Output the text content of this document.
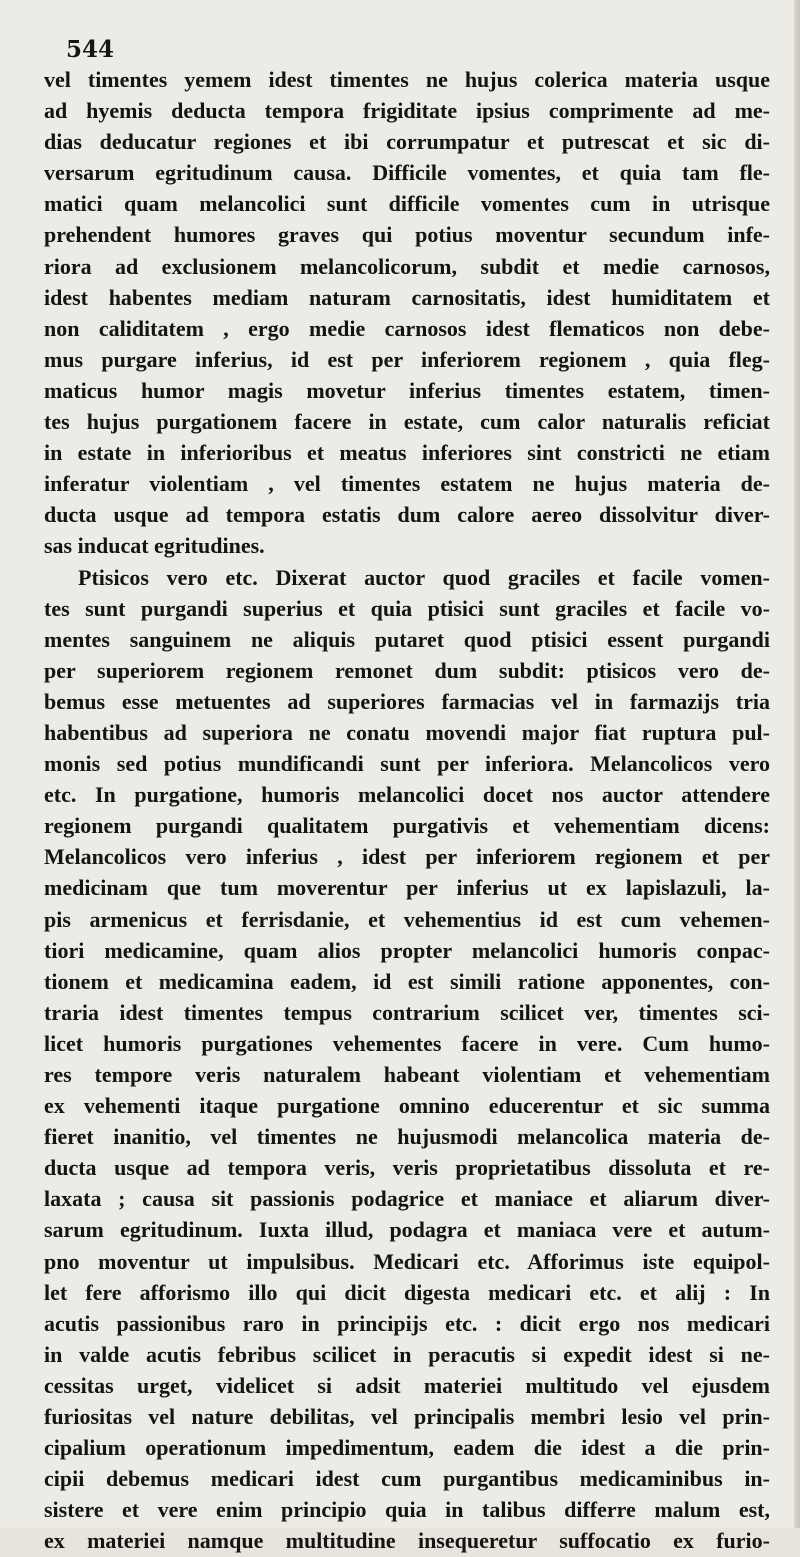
544
vel timentes yemem idest timentes ne hujus colerica materia usque
ad hyemis deducta tempora frigiditate ipsius comprimente ad me-
dias deducatur regiones et ibi corrumpatur et putrescat et sic di-
versarum egritudinum causa. Difficile vomentes, et quia tam fle-
matici quam melancolici sunt difficile vomentes cum in utrisque
prehendent humores graves qui potius moventur secundum infe-
riora ad exclusionem melancolicorum, subdit et medie carnosos,
idest habentes mediam naturam carnositatis, idest humiditatem et
non caliditatem , ergo medie carnosos idest flematicos non debe-
mus purgare inferius, id est per inferiorem regionem , quia fleg-
maticus humor magis movetur inferius timentes estatem, timen-
tes hujus purgationem facere in estate, cum calor naturalis reficiat
in estate in inferioribus et meatus inferiores sint constricti ne etiam
inferatur violentiam , vel timentes estatem ne hujus materia de-
ducta usque ad tempora estatis dum calore aereo dissolvitur diver-
sas inducat egritudines.
Ptisicos vero etc. Dixerat auctor quod graciles et facile vomen-
tes sunt purgandi superius et quia ptisici sunt graciles et facile vo-
mentes sanguinem ne aliquis putaret quod ptisici essent purgandi
per superiorem regionem remonet dum subdit: ptisicos vero de-
bemus esse metuentes ad superiores farmacias vel in farmazijs tria
habentibus ad superiora ne conatu movendi major fiat ruptura pul-
monis sed potius mundificandi sunt per inferiora. Melancolicos vero
etc. In purgatione, humoris melancolici docet nos auctor attendere
regionem purgandi qualitatem purgativis et vehementiam dicens:
Melancolicos vero inferius , idest per inferiorem regionem et per
medicinam que tum moverentur per inferius ut ex lapislazuli, la-
pis armenicus et ferrisdanie, et vehementius id est cum vehemen-
tiori medicamine, quam alios propter melancolici humoris conpac-
tionem et medicamina eadem, id est simili ratione apponentes, con-
traria idest timentes tempus contrarium scilicet ver, timentes sci-
licet humoris purgationes vehementes facere in vere. Cum humo-
res tempore veris naturalem habeant violentiam et vehementiam
ex vehementi itaque purgatione omnino educerentur et sic summa
fieret inanitio, vel timentes ne hujusmodi melancolica materia de-
ducta usque ad tempora veris, veris proprietatibus dissoluta et re-
laxata ; causa sit passionis podagrice et maniace et aliarum diver-
sarum egritudinum. Iuxta illud, podagra et maniaca vere et autum-
pno moventur ut impulsibus. Medicari etc. Afforimus iste equipol-
let fere afforismo illo qui dicit digesta medicari etc. et alij : In
acutis passionibus raro in principijs etc. : dicit ergo nos medicari
in valde acutis febribus scilicet in peracutis si expedit idest si ne-
cessitas urget, videlicet si adsit materiei multitudo vel ejusdem
furiositas vel nature debilitas, vel principalis membri lesio vel prin-
cipalium operationum impedimentum, eadem die idest a die prin-
cipii debemus medicari idest cum purgantibus medicaminibus in-
sistere et vere enim principio quia in talibus differre malum est,
ex materiei namque multitudine insequeretur suffocatio ex furio-
